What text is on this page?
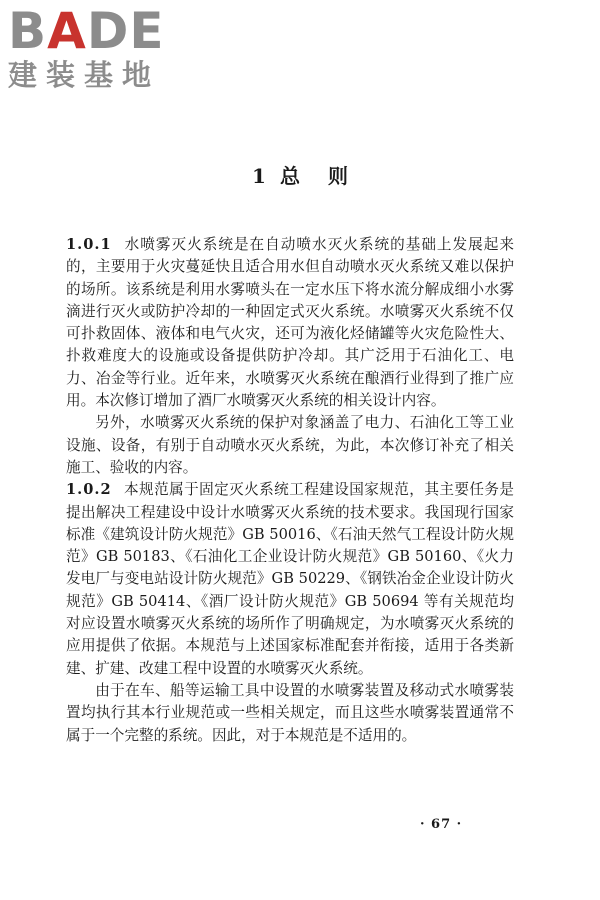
BADE
建装基地
1 总 则

1.0.1 水喷雾灭火系统是在自动喷水灭火系统的基础上发展起来的，主要用于火灾蔓延快且适合用水但自动喷水灭火系统又难以保护的场所。该系统是利用水雾喷头在一定水压下将水流分解成细小水雾滴进行灭火或防护冷却的一种固定式灭火系统。水喷雾灭火系统不仅可扑救固体、液体和电气火灾，还可为液化烃储罐等火灾危险性大、扑救难度大的设施或设备提供防护冷却。其广泛用于石油化工、电力、冶金等行业。近年来，水喷雾灭火系统在酿酒行业得到了推广应用。本次修订增加了酒厂水喷雾灭火系统的相关设计内容。

另外，水喷雾灭火系统的保护对象涵盖了电力、石油化工等工业设施、设备，有别于自动喷水灭火系统，为此，本次修订补充了相关施工、验收的内容。

1.0.2 本规范属于固定灭火系统工程建设国家规范，其主要任务是提出解决工程建设中设计水喷雾灭火系统的技术要求。我国现行国家标准《建筑设计防火规范》GB 50016、《石油天然气工程设计防火规范》GB 50183、《石油化工企业设计防火规范》GB 50160、《火力发电厂与变电站设计防火规范》GB 50229、《钢铁冶金企业设计防火规范》GB 50414、《酒厂设计防火规范》GB 50694 等有关规范均对应设置水喷雾灭火系统的场所作了明确规定，为水喷雾灭火系统的应用提供了依据。本规范与上述国家标准配套并衔接，适用于各类新建、扩建、改建工程中设置的水喷雾灭火系统。

由于在车、船等运输工具中设置的水喷雾装置及移动式水喷雾装置均执行其本行业规范或一些相关规定，而且这些水喷雾装置通常不属于一个完整的系统。因此，对于本规范是不适用的。

· 67 ·
